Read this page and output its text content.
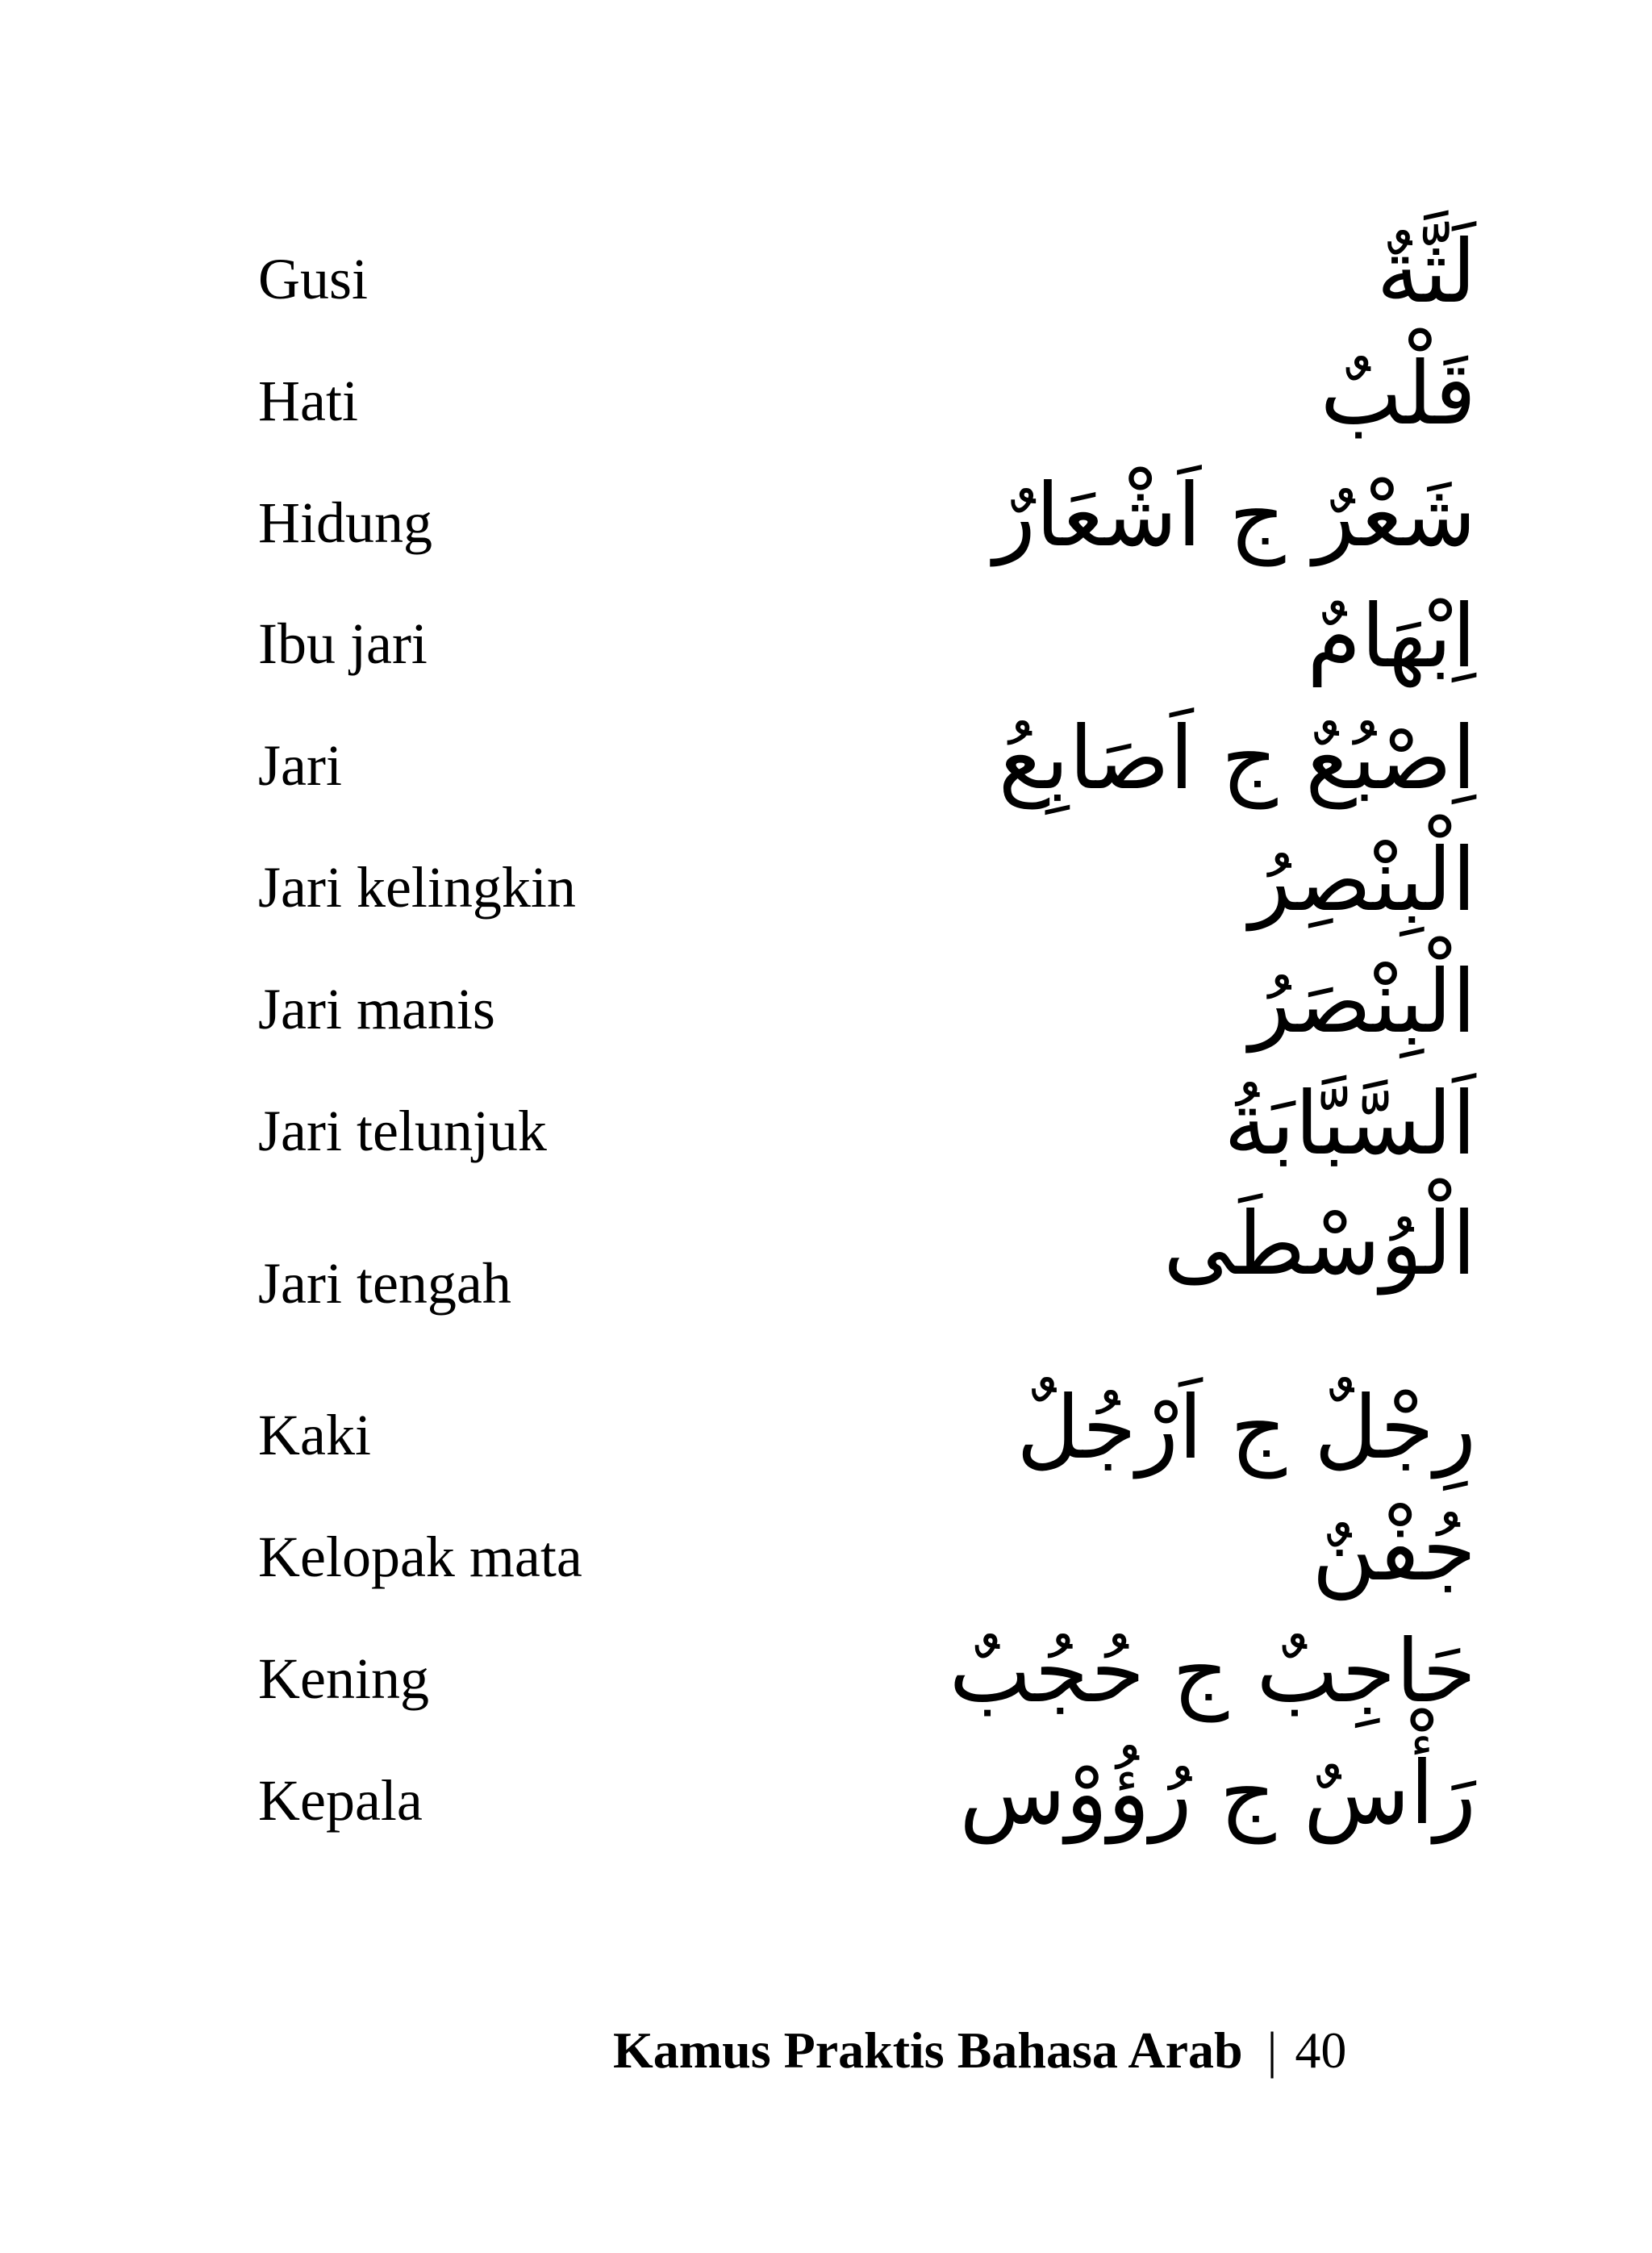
Gusi	لَثَّةٌ
Hati	قَلْبٌ
Hidung	شَعْرٌ ج اَشْعَارٌ
Ibu jari	اِبْهَامٌ
Jari	اِصْبُعٌ ج اَصَابِعُ
Jari kelingkin	الْبِنْصِرُ
Jari manis	الْبِنْصَرُ
Jari telunjuk	اَلسَّبَّابَةُ
Jari tengah	الْوُسْطَى
Kaki	رِجْلٌ ج اَرْجُلٌ
Kelopak mata	جُفْنٌ
Kening	حَاجِبٌ ج حُجُبٌ
Kepala	رَأْسٌ ج رُؤُوْس
Kamus Praktis Bahasa Arab | 40
